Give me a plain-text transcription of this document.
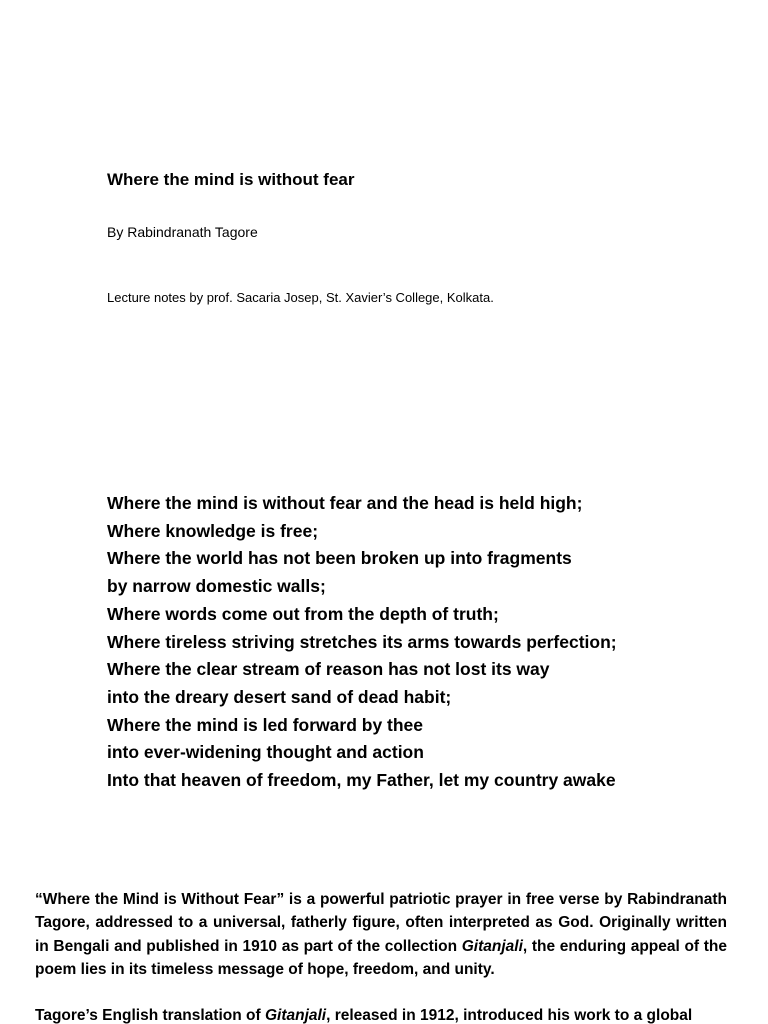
Where the mind is without fear

By Rabindranath Tagore

Lecture notes by prof. Sacaria Josep, St. Xavier’s College, Kolkata.

Where the mind is without fear and the head is held high;
Where knowledge is free;
Where the world has not been broken up into fragments
by narrow domestic walls;
Where words come out from the depth of truth;
Where tireless striving stretches its arms towards perfection;
Where the clear stream of reason has not lost its way
into the dreary desert sand of dead habit;
Where the mind is led forward by thee
into ever-widening thought and action
Into that heaven of freedom, my Father, let my country awake

“Where the Mind is Without Fear” is a powerful patriotic prayer in free verse by Rabindranath Tagore, addressed to a universal, fatherly figure, often interpreted as God. Originally written in Bengali and published in 1910 as part of the collection Gitanjali, the enduring appeal of the poem lies in its timeless message of hope, freedom, and unity.

Tagore’s English translation of Gitanjali, released in 1912, introduced his work to a global
